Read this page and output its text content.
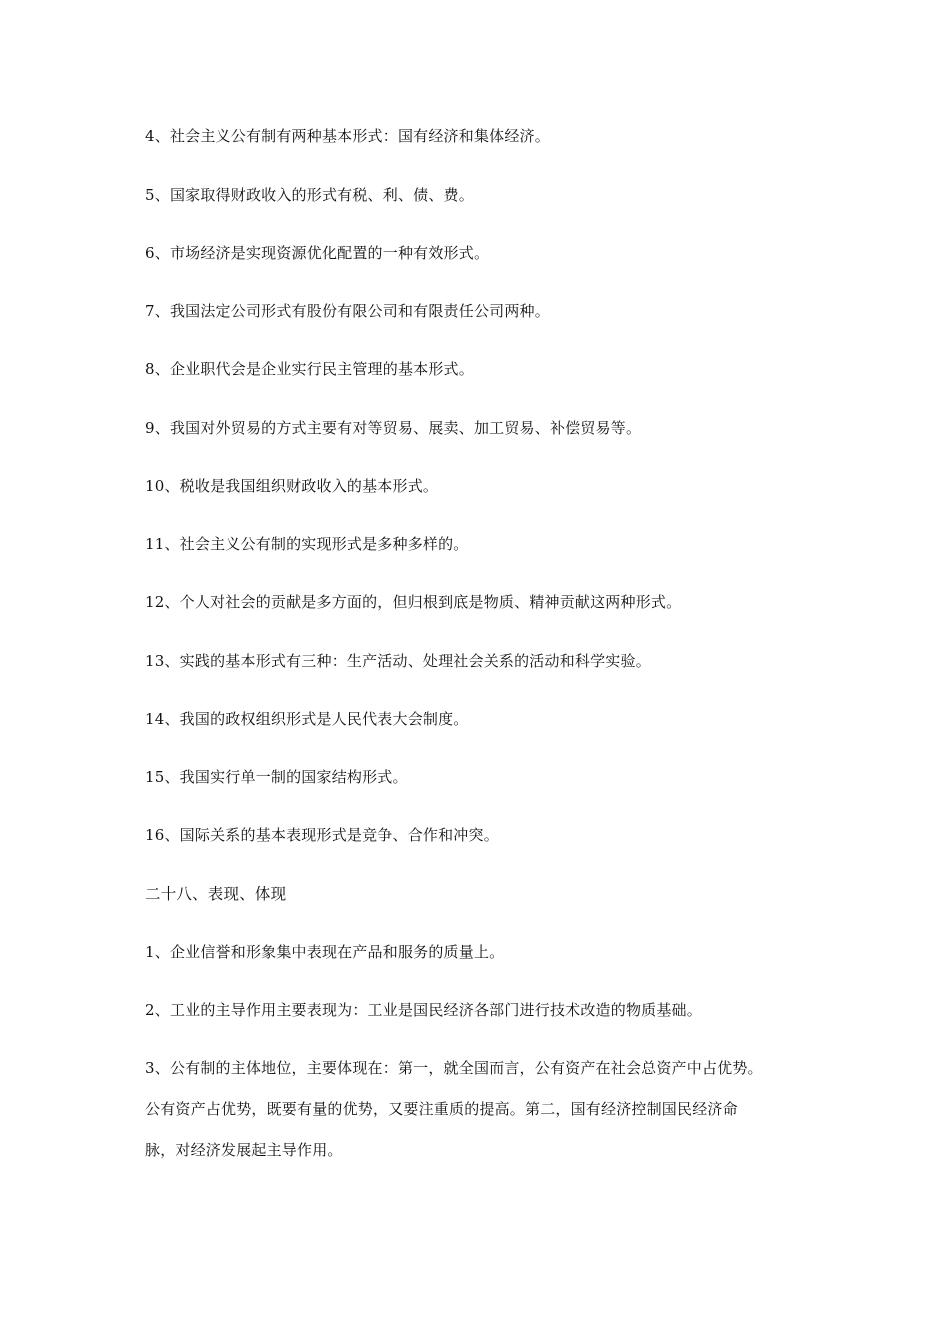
4、社会主义公有制有两种基本形式：国有经济和集体经济。
5、国家取得财政收入的形式有税、利、债、费。
6、市场经济是实现资源优化配置的一种有效形式。
7、我国法定公司形式有股份有限公司和有限责任公司两种。
8、企业职代会是企业实行民主管理的基本形式。
9、我国对外贸易的方式主要有对等贸易、展卖、加工贸易、补偿贸易等。
10、税收是我国组织财政收入的基本形式。
11、社会主义公有制的实现形式是多种多样的。
12、个人对社会的贡献是多方面的，但归根到底是物质、精神贡献这两种形式。
13、实践的基本形式有三种：生产活动、处理社会关系的活动和科学实验。
14、我国的政权组织形式是人民代表大会制度。
15、我国实行单一制的国家结构形式。
16、国际关系的基本表现形式是竞争、合作和冲突。
二十八、表现、体现
1、企业信誉和形象集中表现在产品和服务的质量上。
2、工业的主导作用主要表现为：工业是国民经济各部门进行技术改造的物质基础。
3、公有制的主体地位，主要体现在：第一，就全国而言，公有资产在社会总资产中占优势。
公有资产占优势，既要有量的优势，又要注重质的提高。第二，国有经济控制国民经济命
脉，对经济发展起主导作用。
